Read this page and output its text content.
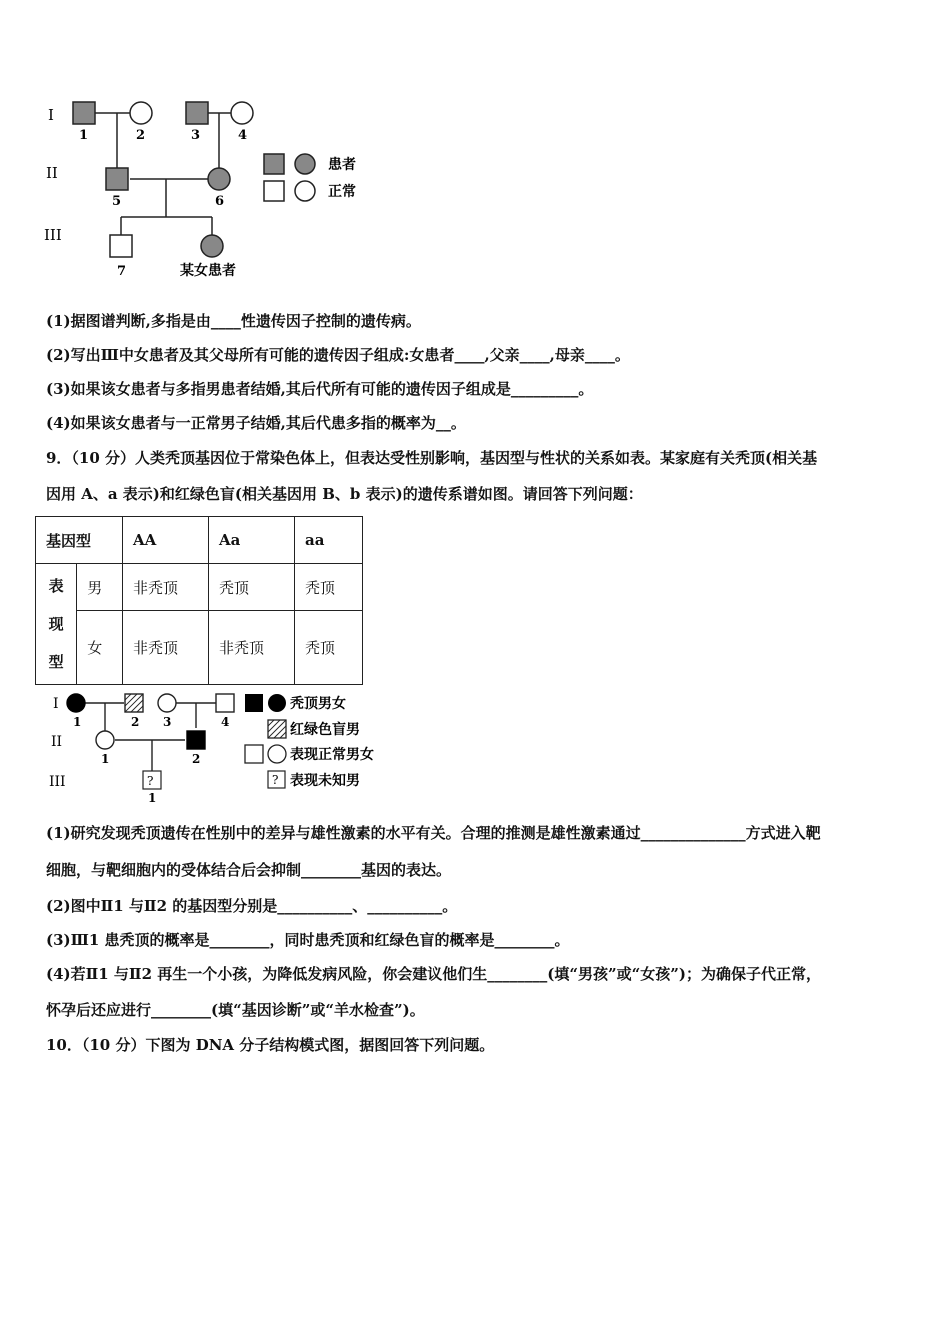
I
II
III
1	2	3	4
5	6
7	某女患者
患者
正常
(1)据图谱判断,多指是由____性遗传因子控制的遗传病。
(2)写出Ⅲ中女患者及其父母所有可能的遗传因子组成:女患者____,父亲____,母亲____。
(3)如果该女患者与多指男患者结婚,其后代所有可能的遗传因子组成是_________。
(4)如果该女患者与一正常男子结婚,其后代患多指的概率为__。
9．（10 分）人类秃顶基因位于常染色体上，但表达受性别影响，基因型与性状的关系如表。某家庭有关秃顶(相关基
因用 A、a 表示)和红绿色盲(相关基因用 B、b 表示)的遗传系谱如图。请回答下列问题：
基因型		AA	Aa	aa

表
现
型	男	非秃顶	秃顶	秃顶
	女	非秃顶	非秃顶	秃顶
I
II
III	?
1	2 3	4
1	2
1
秃顶男女
红绿色盲男
表现正常男女
? 表现未知男
(1)研究发现秃顶遗传在性别中的差异与雄性激素的水平有关。合理的推测是雄性激素通过______________方式进入靶
细胞，与靶细胞内的受体结合后会抑制________基因的表达。
(2)图中Ⅱ1 与Ⅱ2 的基因型分别是__________、__________。
(3)Ⅲ1 患秃顶的概率是________，同时患秃顶和红绿色盲的概率是________。
(4)若Ⅱ1 与Ⅱ2 再生一个小孩，为降低发病风险，你会建议他们生________(填“男孩”或“女孩”)；为确保子代正常，
怀孕后还应进行________(填“基因诊断”或“羊水检查”)。
10．（10 分）下图为 DNA 分子结构模式图，据图回答下列问题。
